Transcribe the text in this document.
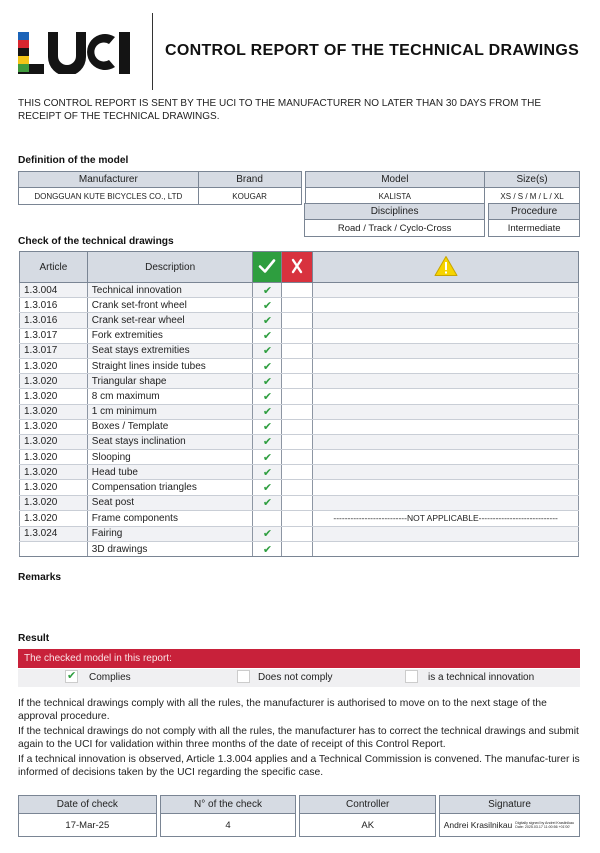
CONTROL REPORT OF THE TECHNICAL DRAWINGS
THIS CONTROL REPORT IS SENT BY THE UCI TO THE MANUFACTURER NO LATER THAN 30 DAYS FROM THE RECEIPT OF THE TECHNICAL DRAWINGS.
Definition of the model
Manufacturer	Brand		Model	Size(s)
DONGGUAN KUTE BICYCLES CO., LTD	KOUGAR		KALISTA	XS / S / M / L / XL
Disciplines		Procedure
Road / Track / Cyclo-Cross		Intermediate
Check of the technical drawings
Article	Description			
1.3.004	Technical innovation	✔		
1.3.016	Crank set-front wheel	✔		
1.3.016	Crank set-rear wheel	✔		
1.3.017	Fork extremities	✔		
1.3.017	Seat stays extremities	✔		
1.3.020	Straight lines inside tubes	✔		
1.3.020	Triangular shape	✔		
1.3.020	8 cm maximum	✔		
1.3.020	1 cm minimum	✔		
1.3.020	Boxes / Template	✔		
1.3.020	Seat stays inclination	✔		
1.3.020	Slooping	✔		
1.3.020	Head tube	✔		
1.3.020	Compensation triangles	✔		
1.3.020	Seat post	✔		
1.3.020	Frame components			--------------------------NOT APPLICABLE----------------------------
1.3.024	Fairing	✔		
	3D drawings	✔		
Remarks
Result
The checked model in this report:
✔ Complies	Does not comply	is a technical innovation
If the technical drawings comply with all the rules, the manufacturer is authorised to move on to the next stage of the approval procedure.
If the technical drawings do not comply with all the rules, the manufacturer has to correct the technical drawings and submit again to the UCI for validation within three months of the date of receipt of this Control Report.
If a technical innovation is observed, Article 1.3.004 applies and a Technical Commission is convened. The manufac-turer is informed of decisions taken by the UCI regarding the specific case.
Date of check		N° of the check		Controller		Signature
17-Mar-25		4		AK		Andrei Krasilnikau Digitally signed by Andrei Krasilnikau Date: 2025.03.17 11:00:56 +01'00'
